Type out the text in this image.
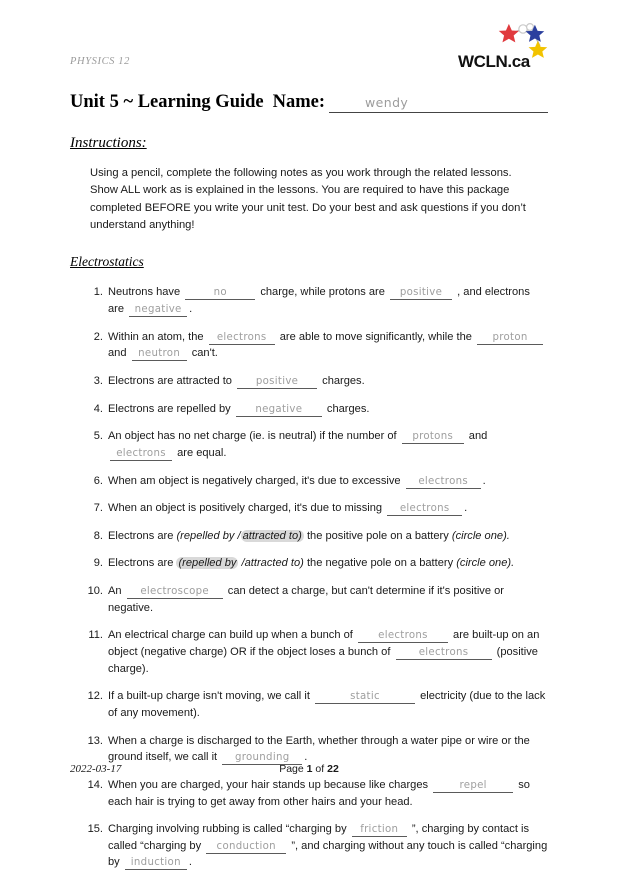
PHYSICS 12	WCLN.ca
Unit 5 ~ Learning Guide Name:	wendy
Instructions:
Using a pencil, complete the following notes as you work through the related lessons. Show ALL work as is explained in the lessons. You are required to have this package completed BEFORE you write your unit test. Do your best and ask questions if you don’t understand anything!
Electrostatics
Neutrons have	no	charge, while protons are positive , and electrons are negative .
Within an atom, the electrons are able to move significantly, while the proton and neutron can't.
Electrons are attracted to positive charges.
Electrons are repelled by negative charges.
An object has no net charge (ie. is neutral) if the number of protons and electrons are equal.
When am object is negatively charged, it's due to excessive electrons .
When an object is positively charged, it's due to missing electrons .
Electrons are (repelled by / attracted to) the positive pole on a battery (circle one).
Electrons are (repelled by /attracted to) the negative pole on a battery (circle one).
An electroscope can detect a charge, but can't determine if it's positive or negative.
An electrical charge can build up when a bunch of electrons are built-up on an object (negative charge) OR if the object loses a bunch of	electrons	(positive charge).
If a built-up charge isn't moving, we call it	static	electricity (due to the lack of any movement).
When a charge is discharged to the Earth, whether through a water pipe or wire or the ground itself, we call it grounding .
When you are charged, your hair stands up because like charges	repel	so each hair is trying to get away from other hairs and your head.
Charging involving rubbing is called “charging by friction ”, charging by contact is called “charging by conduction ”, and charging without any touch is called “charging by induction .
2022-03-17	Page 1 of 22
